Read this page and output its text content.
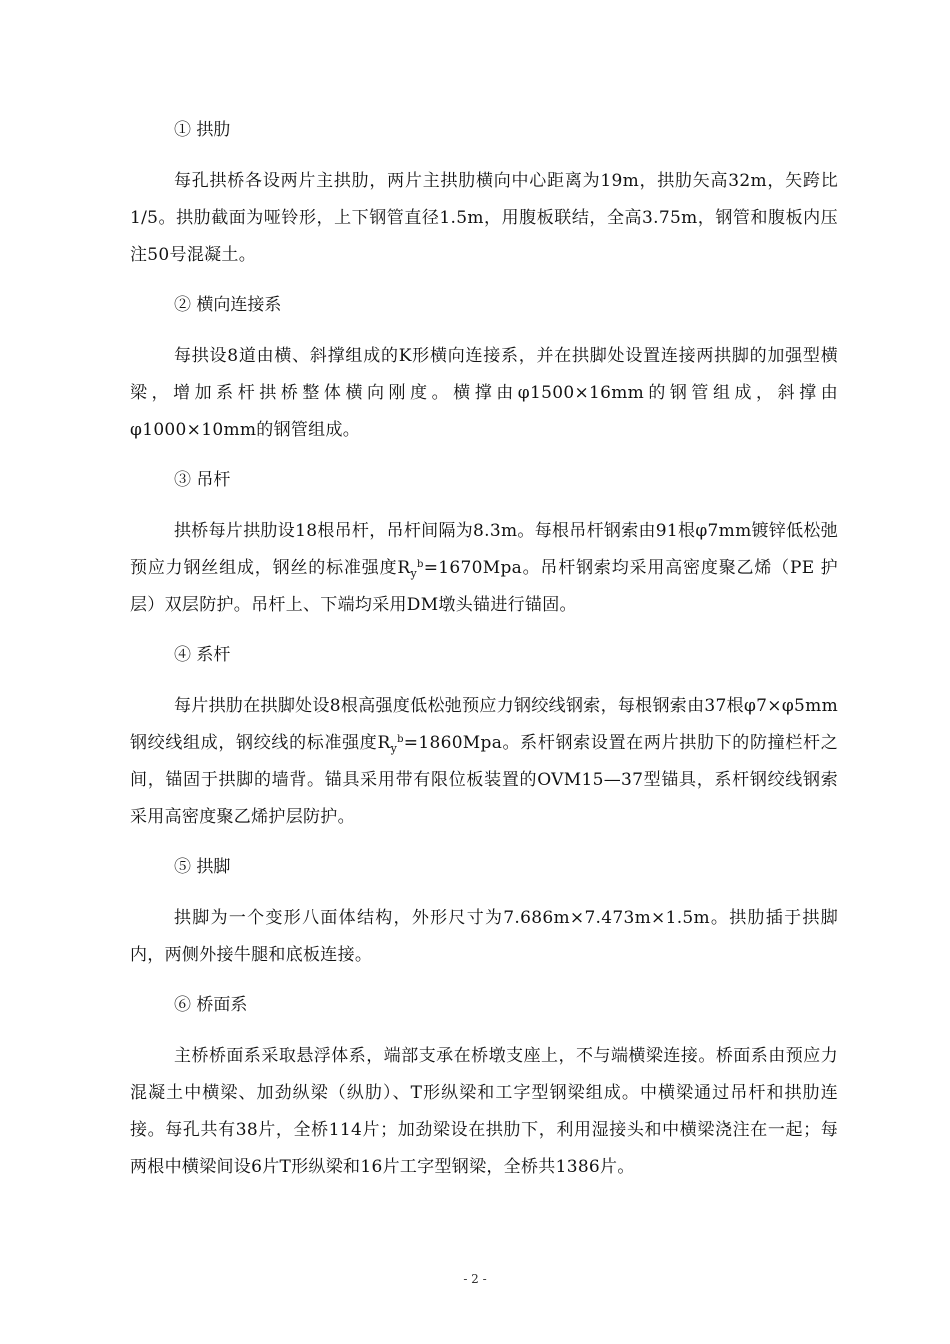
① 拱肋

每孔拱桥各设两片主拱肋，两片主拱肋横向中心距离为19m，拱肋矢高32m，矢跨比1/5。拱肋截面为哑铃形，上下钢管直径1.5m，用腹板联结，全高3.75m，钢管和腹板内压注50号混凝土。

② 横向连接系

每拱设8道由横、斜撑组成的K形横向连接系，并在拱脚处设置连接两拱脚的加强型横梁，增加系杆拱桥整体横向刚度。横撑由φ1500×16mm的钢管组成，斜撑由φ1000×10mm的钢管组成。

③ 吊杆

拱桥每片拱肋设18根吊杆，吊杆间隔为8.3m。每根吊杆钢索由91根φ7mm镀锌低松弛预应力钢丝组成，钢丝的标准强度$R_y^b=1670Mpa$。吊杆钢索均采用高密度聚乙烯（PE 护层）双层防护。吊杆上、下端均采用DM墩头锚进行锚固。

④ 系杆

每片拱肋在拱脚处设8根高强度低松弛预应力钢绞线钢索，每根钢索由37根φ7×φ5mm钢绞线组成，钢绞线的标准强度$R_y^b=1860Mpa$。系杆钢索设置在两片拱肋下的防撞栏杆之间，锚固于拱脚的墙背。锚具采用带有限位板装置的OVM15—37型锚具，系杆钢绞线钢索采用高密度聚乙烯护层防护。

⑤ 拱脚

拱脚为一个变形八面体结构，外形尺寸为7.686m×7.473m×1.5m。拱肋插于拱脚内，两侧外接牛腿和底板连接。

⑥ 桥面系

主桥桥面系采取悬浮体系，端部支承在桥墩支座上，不与端横梁连接。桥面系由预应力混凝土中横梁、加劲纵梁（纵肋）、T形纵梁和工字型钢梁组成。中横梁通过吊杆和拱肋连接。每孔共有38片，全桥114片；加劲梁设在拱肋下，利用湿接头和中横梁浇注在一起；每两根中横梁间设6片T形纵梁和16片工字型钢梁，全桥共1386片。

- 2 -
